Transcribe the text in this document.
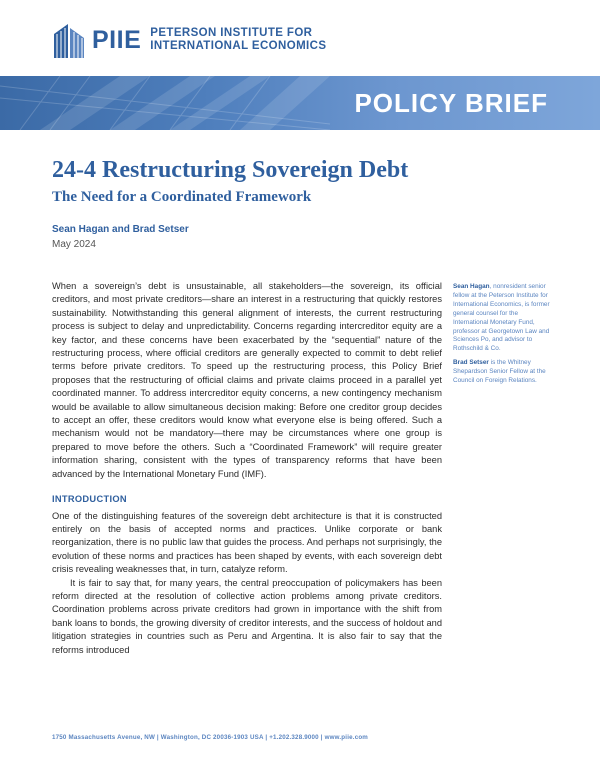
PIIE PETERSON INSTITUTE FOR
INTERNATIONAL ECONOMICS
POLICY BRIEF
24-4 Restructuring Sovereign Debt
The Need for a Coordinated Framework
Sean Hagan and Brad Setser
May 2024

When a sovereign’s debt is unsustainable, all stakeholders—the sovereign, its official creditors, and most private creditors—share an interest in a restructuring that quickly restores sustainability. Notwithstanding this general alignment of interests, the current restructuring process is subject to delay and unpredictability. Concerns regarding intercreditor equity are a key factor, and these concerns have been exacerbated by the “sequential” nature of the restructuring process, where official creditors are generally expected to commit to debt relief terms before private creditors. To speed up the restructuring process, this Policy Brief proposes that the restructuring of official claims and private claims proceed in a parallel yet coordinated manner. To address intercreditor equity concerns, a new contingency mechanism would be available to allow simultaneous decision making: Before one creditor group decides to accept an offer, these creditors would know what everyone else is being offered. Such a mechanism would not be mandatory—there may be circumstances where one group is prepared to move before the others. Such a “Coordinated Framework” will require greater information sharing, consistent with the types of transparency reforms that have been advanced by the International Monetary Fund (IMF).

INTRODUCTION

One of the distinguishing features of the sovereign debt architecture is that it is constructed entirely on the basis of accepted norms and practices. Unlike corporate or bank reorganization, there is no public law that guides the process. And perhaps not surprisingly, the evolution of these norms and practices has been shaped by events, with each sovereign debt crisis revealing weaknesses that, in turn, catalyze reform.

It is fair to say that, for many years, the central preoccupation of policymakers has been reform directed at the resolution of collective action problems among private creditors. Coordination problems across private creditors had grown in importance with the shift from bank loans to bonds, the growing diversity of creditor interests, and the success of holdout and litigation strategies in countries such as Peru and Argentina. It is also fair to say that the reforms introduced

Sean Hagan, nonresident senior fellow at the Peterson Institute for International Economics, is former general counsel for the International Monetary Fund, professor at Georgetown Law and Sciences Po, and advisor to Rothschild & Co.

Brad Setser is the Whitney Shepardson Senior Fellow at the Council on Foreign Relations.

1750 Massachusetts Avenue, NW | Washington, DC 20036-1903 USA | +1.202.328.9000 | www.piie.com
